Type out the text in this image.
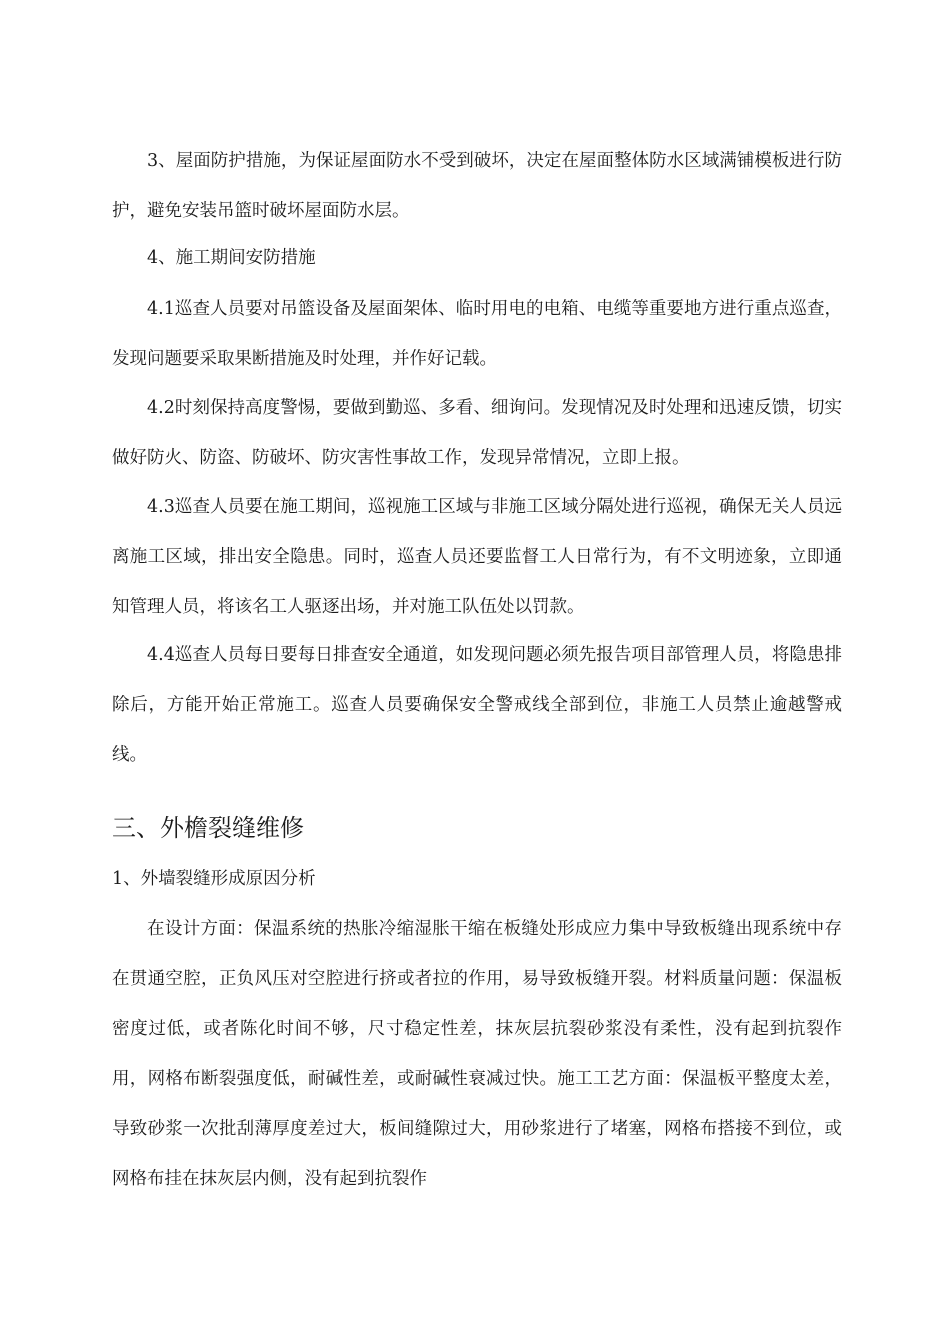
3、屋面防护措施，为保证屋面防水不受到破坏，决定在屋面整体防水区域满铺模板进行防护，避免安装吊篮时破坏屋面防水层。

4、施工期间安防措施

4.1巡查人员要对吊篮设备及屋面架体、临时用电的电箱、电缆等重要地方进行重点巡查，发现问题要采取果断措施及时处理，并作好记载。

4.2时刻保持高度警惕，要做到勤巡、多看、细询问。发现情况及时处理和迅速反馈，切实做好防火、防盗、防破坏、防灾害性事故工作，发现异常情况，立即上报。

4.3巡查人员要在施工期间，巡视施工区域与非施工区域分隔处进行巡视，确保无关人员远离施工区域，排出安全隐患。同时，巡查人员还要监督工人日常行为，有不文明迹象，立即通知管理人员，将该名工人驱逐出场，并对施工队伍处以罚款。

4.4巡查人员每日要每日排查安全通道，如发现问题必须先报告项目部管理人员，将隐患排除后，方能开始正常施工。巡查人员要确保安全警戒线全部到位，非施工人员禁止逾越警戒线。

三、外檐裂缝维修

1、外墙裂缝形成原因分析

在设计方面：保温系统的热胀冷缩湿胀干缩在板缝处形成应力集中导致板缝出现系统中存在贯通空腔，正负风压对空腔进行挤或者拉的作用，易导致板缝开裂。材料质量问题：保温板密度过低，或者陈化时间不够，尺寸稳定性差，抹灰层抗裂砂浆没有柔性，没有起到抗裂作用，网格布断裂强度低，耐碱性差，或耐碱性衰减过快。施工工艺方面：保温板平整度太差，导致砂浆一次批刮薄厚度差过大，板间缝隙过大，用砂浆进行了堵塞，网格布搭接不到位，或网格布挂在抹灰层内侧，没有起到抗裂作
